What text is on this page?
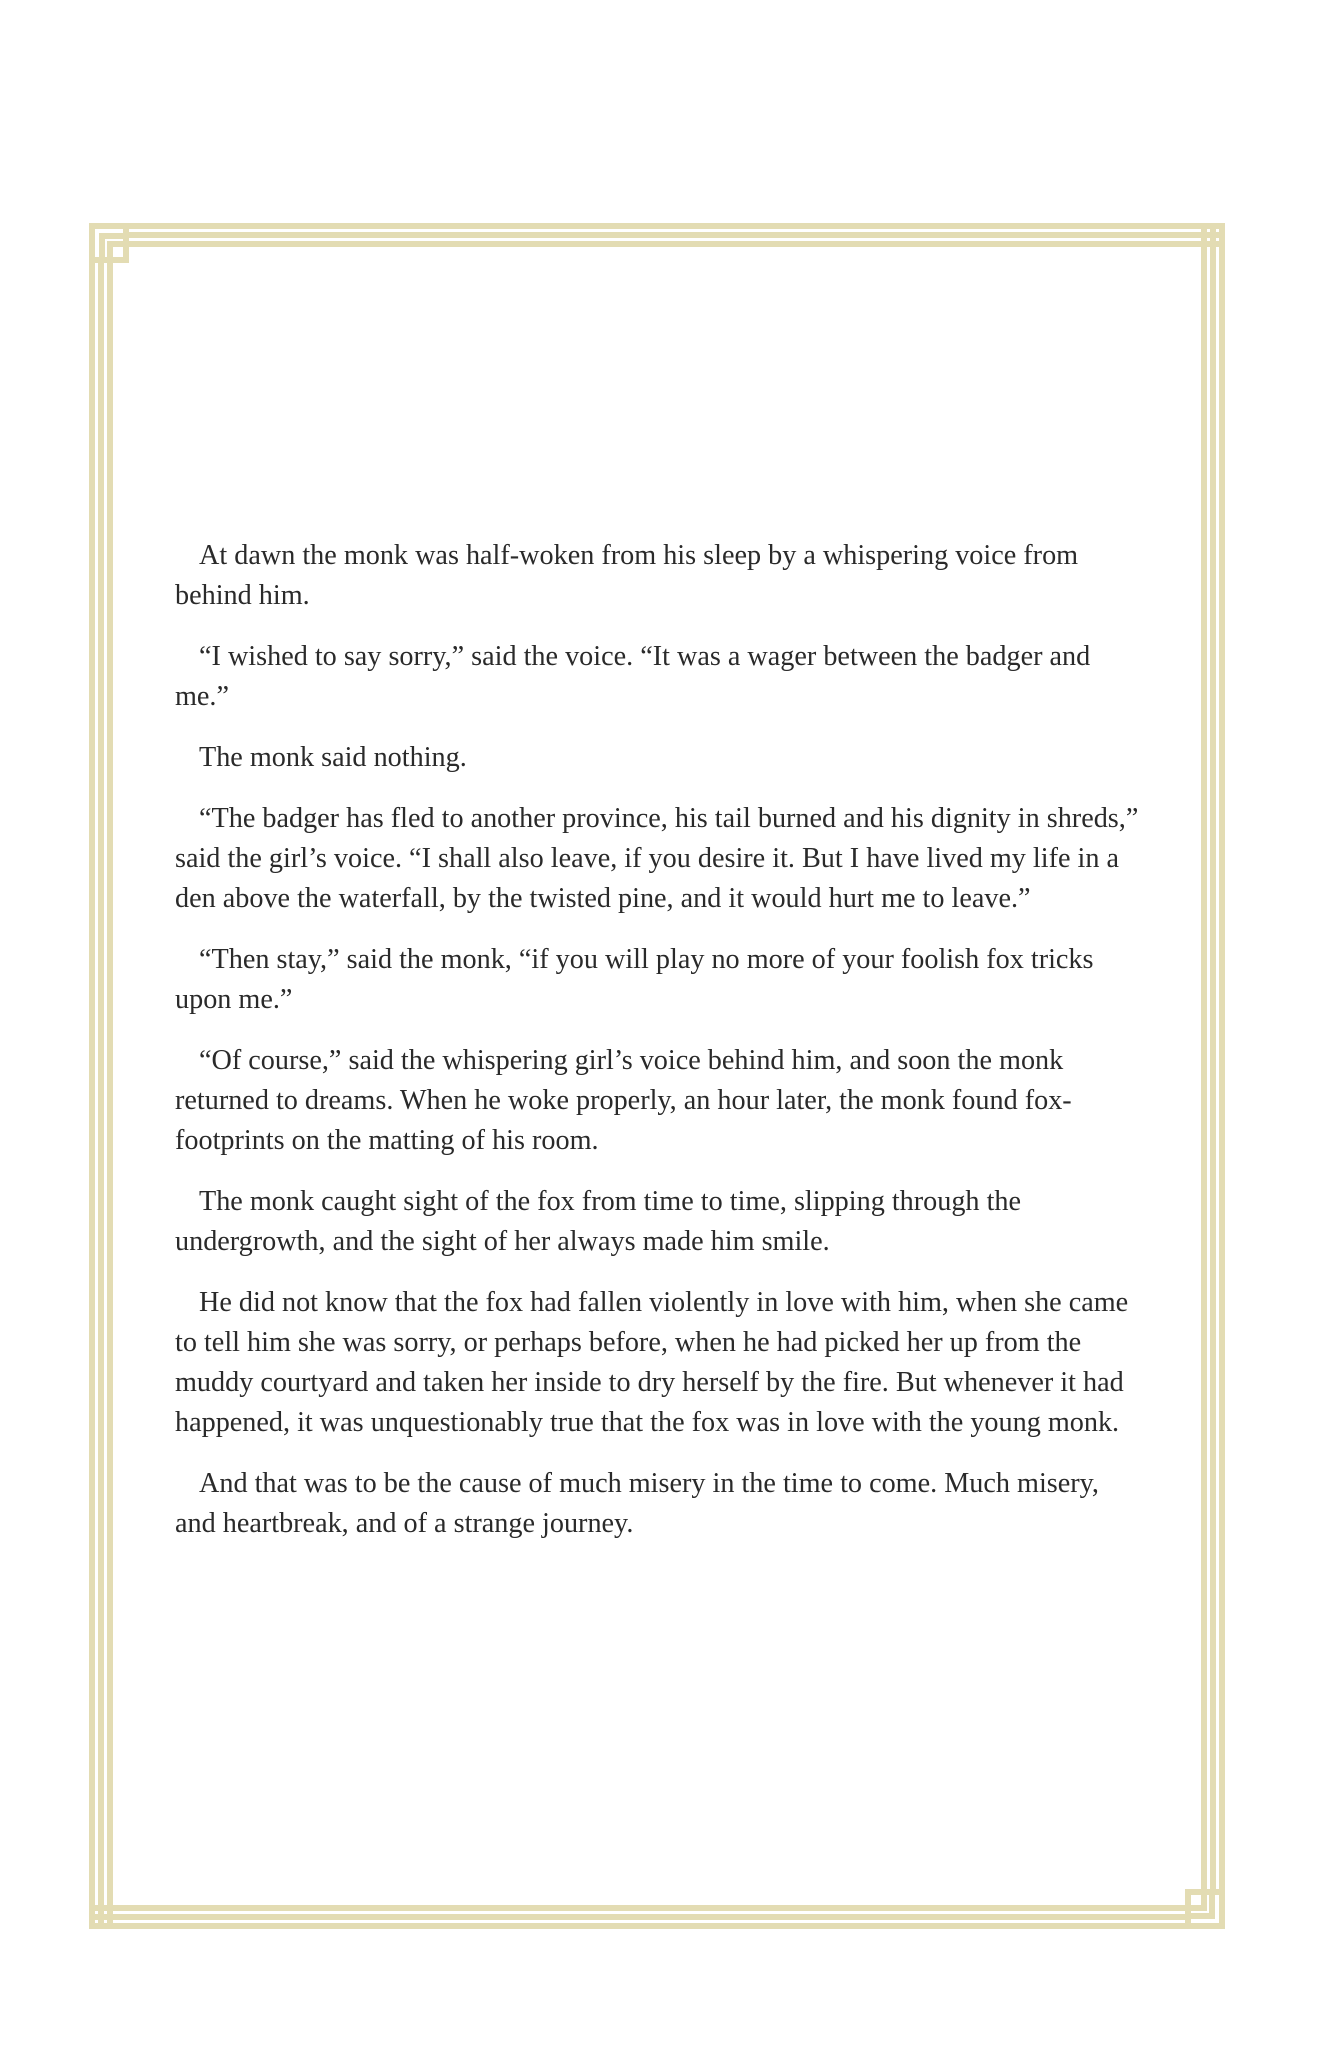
At dawn the monk was half-woken from his sleep by a whispering voice from behind him.

“I wished to say sorry,” said the voice. “It was a wager between the badger and me.”

The monk said nothing.

“The badger has fled to another province, his tail burned and his dignity in shreds,” said the girl’s voice. “I shall also leave, if you desire it. But I have lived my life in a den above the waterfall, by the twisted pine, and it would hurt me to leave.”

“Then stay,” said the monk, “if you will play no more of your foolish fox tricks upon me.”

“Of course,” said the whispering girl’s voice behind him, and soon the monk returned to dreams. When he woke properly, an hour later, the monk found fox-footprints on the matting of his room.

The monk caught sight of the fox from time to time, slipping through the undergrowth, and the sight of her always made him smile.

He did not know that the fox had fallen violently in love with him, when she came to tell him she was sorry, or perhaps before, when he had picked her up from the muddy courtyard and taken her inside to dry herself by the fire. But whenever it had happened, it was unquestionably true that the fox was in love with the young monk.

And that was to be the cause of much misery in the time to come. Much misery, and heartbreak, and of a strange journey.
